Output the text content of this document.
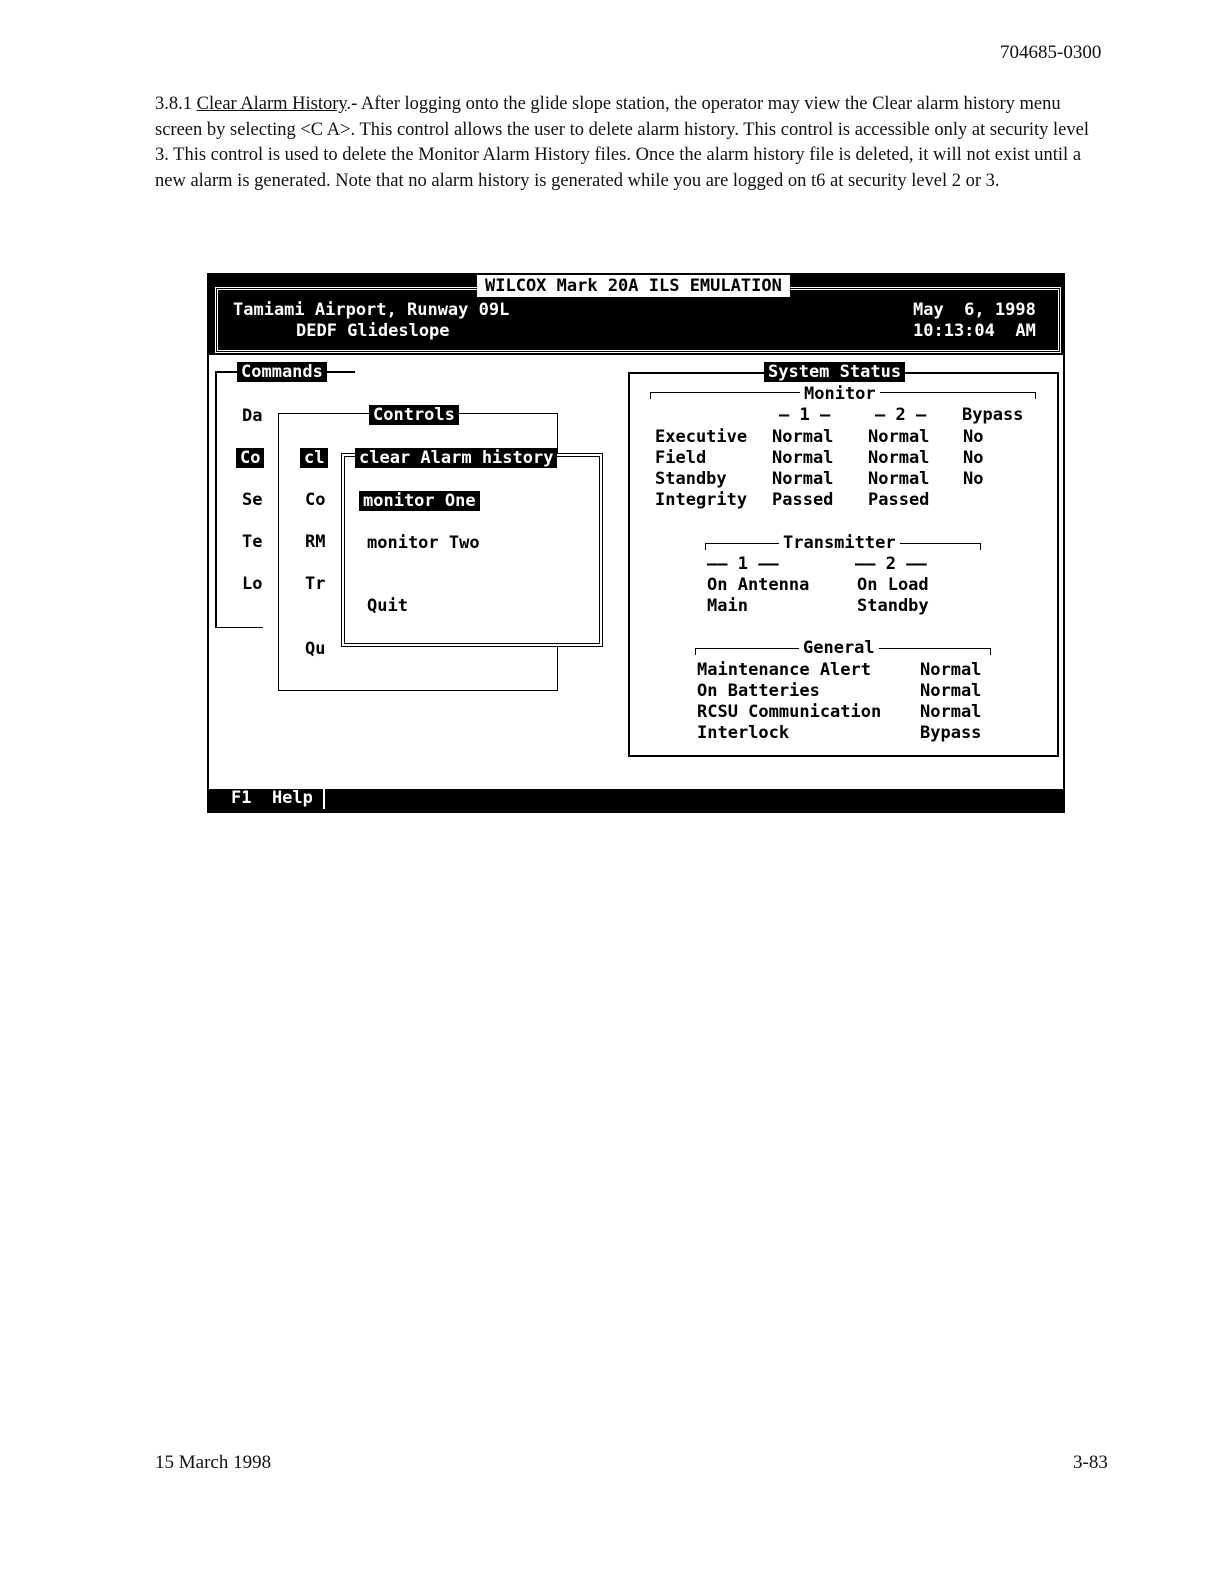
704685-0300
3.8.1 Clear Alarm History.- After logging onto the glide slope station, the operator may view the Clear alarm history menu screen by selecting <C A>. This control allows the user to delete alarm history. This control is accessible only at security level 3. This control is used to delete the Monitor Alarm History files. Once the alarm history file is deleted, it will not exist until a new alarm is generated. Note that no alarm history is generated while you are logged on t6 at security level 2 or 3.
WILCOX Mark 20A ILS EMULATION
Tamiami Airport, Runway 09L
DEDF Glideslope
May  6, 1998
10:13:04  AM
Commands
Da
Co
Se
Te
Lo
Controls
cl
Co
RM
Tr
Qu
clear Alarm history
monitor One
monitor Two
Quit
System Status
Monitor
— 1 —	— 2 — Bypass
Executive Normal Normal No
Field	Normal Normal No
Standby	Normal Normal No
Integrity Passed Passed
Transmitter
—— 1 ——	—— 2 ——
On Antenna	On Load
Main	Standby
General
Maintenance Alert	Normal
On Batteries	Normal
RCSU Communication Normal
Interlock	Bypass
F1  Help
15 March 1998	3-83
